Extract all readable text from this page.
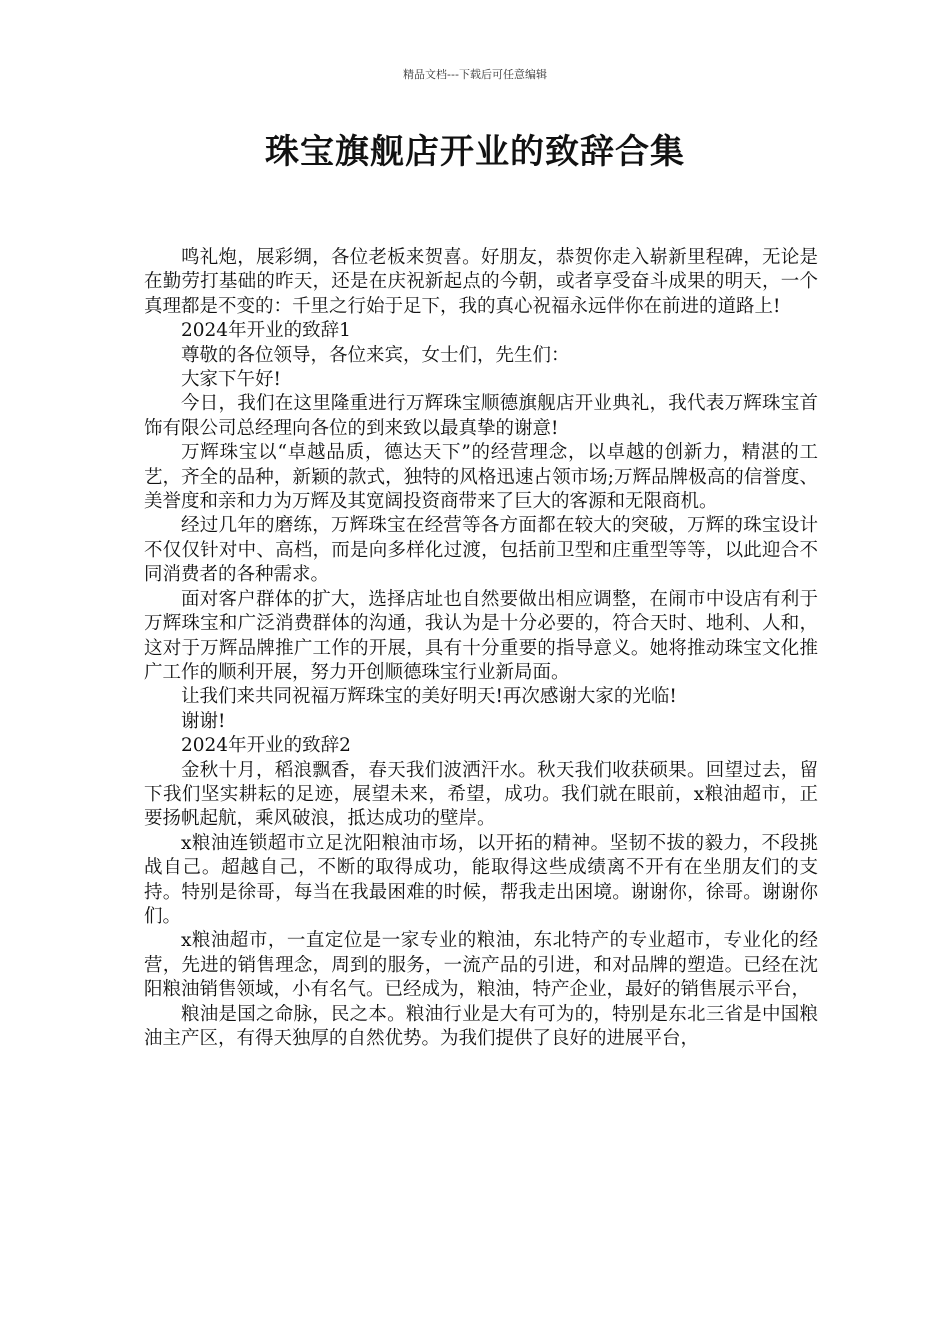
精品文档---下载后可任意编辑
珠宝旗舰店开业的致辞合集

鸣礼炮，展彩绸，各位老板来贺喜。好朋友，恭贺你走入崭新里程碑，无论是在勤劳打基础的昨天，还是在庆祝新起点的今朝，或者享受奋斗成果的明天，一个真理都是不变的：千里之行始于足下，我的真心祝福永远伴你在前进的道路上!

2024年开业的致辞1

尊敬的各位领导，各位来宾，女士们，先生们：

大家下午好!

今日，我们在这里隆重进行万辉珠宝顺德旗舰店开业典礼，我代表万辉珠宝首饰有限公司总经理向各位的到来致以最真挚的谢意!

万辉珠宝以“卓越品质，德达天下”的经营理念，以卓越的创新力，精湛的工艺，齐全的品种，新颖的款式，独特的风格迅速占领市场;万辉品牌极高的信誉度、美誉度和亲和力为万辉及其宽阔投资商带来了巨大的客源和无限商机。

经过几年的磨练，万辉珠宝在经营等各方面都在较大的突破，万辉的珠宝设计不仅仅针对中、高档，而是向多样化过渡，包括前卫型和庄重型等等，以此迎合不同消费者的各种需求。

面对客户群体的扩大，选择店址也自然要做出相应调整，在闹市中设店有利于万辉珠宝和广泛消费群体的沟通，我认为是十分必要的，符合天时、地利、人和，这对于万辉品牌推广工作的开展，具有十分重要的指导意义。她将推动珠宝文化推广工作的顺利开展，努力开创顺德珠宝行业新局面。

让我们来共同祝福万辉珠宝的美好明天!再次感谢大家的光临!

谢谢!

2024年开业的致辞2

金秋十月，稻浪飘香，春天我们波洒汗水。秋天我们收获硕果。回望过去，留下我们坚实耕耘的足迹，展望未来，希望，成功。我们就在眼前，x粮油超市，正要扬帆起航，乘风破浪，抵达成功的壁岸。

x粮油连锁超市立足沈阳粮油市场，以开拓的精神。坚韧不拔的毅力，不段挑战自己。超越自己，不断的取得成功，能取得这些成绩离不开有在坐朋友们的支持。特别是徐哥，每当在我最困难的时候，帮我走出困境。谢谢你，徐哥。谢谢你们。

x粮油超市，一直定位是一家专业的粮油，东北特产的专业超市，专业化的经营，先进的销售理念，周到的服务，一流产品的引进，和对品牌的塑造。已经在沈阳粮油销售领域，小有名气。已经成为，粮油，特产企业，最好的销售展示平台，

粮油是国之命脉，民之本。粮油行业是大有可为的，特别是东北三省是中国粮油主产区，有得天独厚的自然优势。为我们提供了良好的进展平台，
